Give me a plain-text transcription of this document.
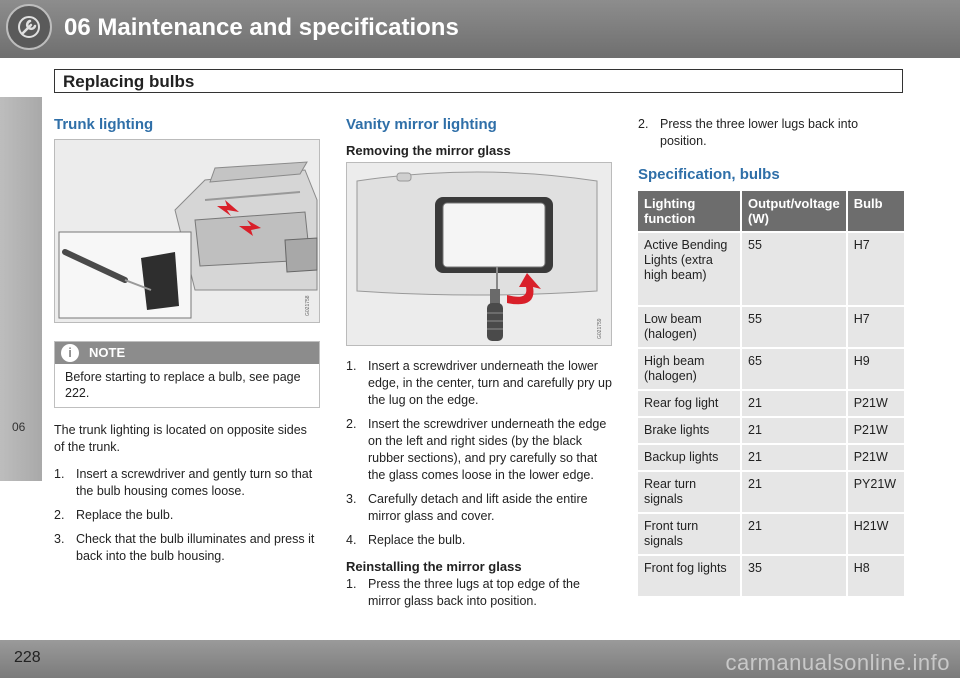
06 Maintenance and specifications
Replacing bulbs
06
Trunk lighting
G021758
i	NOTE
Before starting to replace a bulb, see page 222.
The trunk lighting is located on opposite sides of the trunk.
1. Insert a screwdriver and gently turn so that the bulb housing comes loose.
2. Replace the bulb.
3. Check that the bulb illuminates and press it back into the bulb housing.
Vanity mirror lighting
Removing the mirror glass
G021759
1. Insert a screwdriver underneath the lower edge, in the center, turn and carefully pry up the lug on the edge.
2. Insert the screwdriver underneath the edge on the left and right sides (by the black rubber sections), and pry carefully so that the glass comes loose in the lower edge.
3. Carefully detach and lift aside the entire mirror glass and cover.
4. Replace the bulb.
Reinstalling the mirror glass
1. Press the three lugs at top edge of the mirror glass back into position.
2. Press the three lower lugs back into position.
Specification, bulbs
Lighting function	Output/voltage (W)	Bulb
Active Bending Lights (extra high beam)	55	H7
Low beam (halogen)	55	H7
High beam (halogen)	65	H9
Rear fog light	21	P21W
Brake lights	21	P21W
Backup lights	21	P21W
Rear turn signals	21	PY21W
Front turn signals	21	H21W
Front fog lights	35	H8
228	carmanualsonline.info
